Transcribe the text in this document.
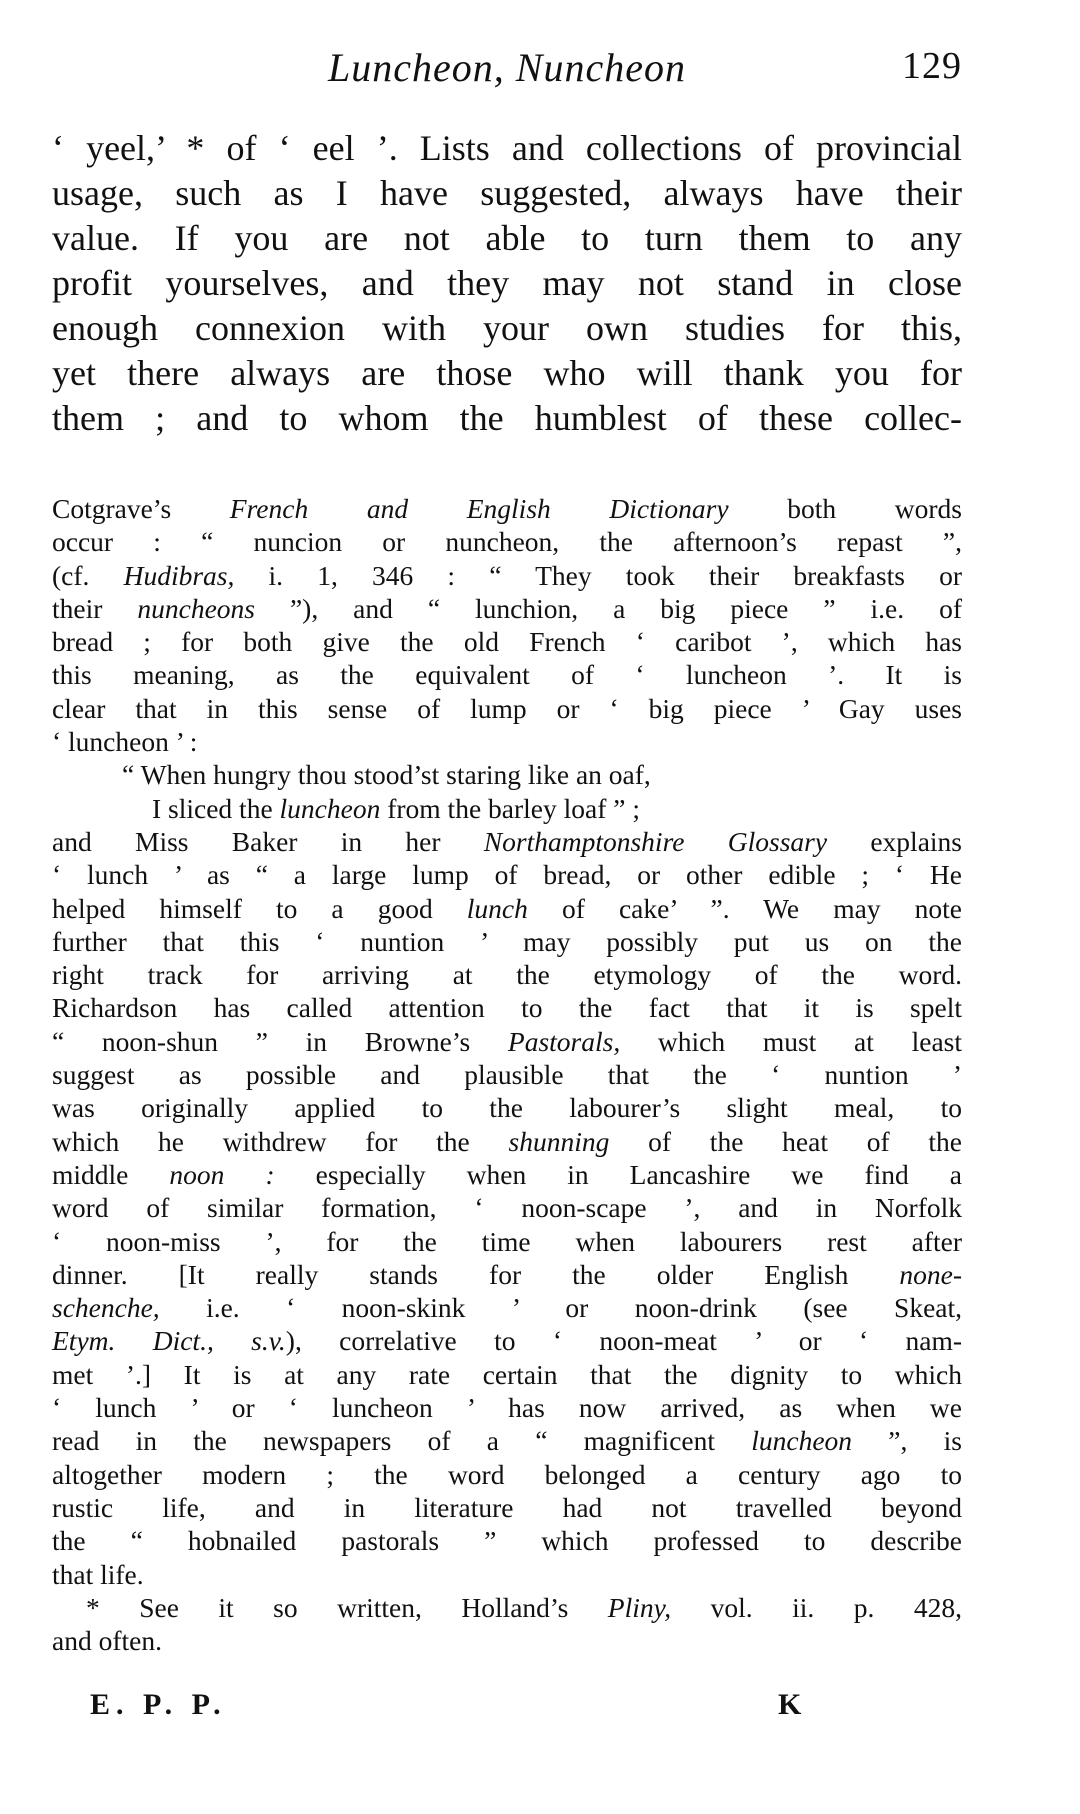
Luncheon, Nuncheon	129
‘ yeel,’ * of ‘ eel ’. Lists and collections of provincial
usage, such as I have suggested, always have their
value. If you are not able to turn them to any
profit yourselves, and they may not stand in close
enough connexion with your own studies for this,
yet there always are those who will thank you for
them ; and to whom the humblest of these collec-
Cotgrave’s French and English Dictionary both words
occur : “ nuncion or nuncheon, the afternoon’s repast ”,
(cf. Hudibras, i. 1, 346 : “ They took their breakfasts or
their nuncheons ”), and “ lunchion, a big piece ” i.e. of
bread ; for both give the old French ‘ caribot ’, which has
this meaning, as the equivalent of ‘ luncheon ’. It is
clear that in this sense of lump or ‘ big piece ’ Gay uses
‘ luncheon ’ :
“ When hungry thou stood’st staring like an oaf,
I sliced the luncheon from the barley loaf ” ;
and Miss Baker in her Northamptonshire Glossary explains
‘ lunch ’ as “ a large lump of bread, or other edible ; ‘ He
helped himself to a good lunch of cake’ ”. We may note
further that this ‘ nuntion ’ may possibly put us on the
right track for arriving at the etymology of the word.
Richardson has called attention to the fact that it is spelt
“ noon-shun ” in Browne’s Pastorals, which must at least
suggest as possible and plausible that the ‘ nuntion ’
was originally applied to the labourer’s slight meal, to
which he withdrew for the shunning of the heat of the
middle noon : especially when in Lancashire we find a
word of similar formation, ‘ noon-scape ’, and in Norfolk
‘ noon-miss ’, for the time when labourers rest after
dinner. [It really stands for the older English none-
schenche, i.e. ‘ noon-skink ’ or noon-drink (see Skeat,
Etym. Dict., s.v.), correlative to ‘ noon-meat ’ or ‘ nam-
met ’.] It is at any rate certain that the dignity to which
‘ lunch ’ or ‘ luncheon ’ has now arrived, as when we
read in the newspapers of a “ magnificent luncheon ”, is
altogether modern ; the word belonged a century ago to
rustic life, and in literature had not travelled beyond
the “ hobnailed pastorals ” which professed to describe
that life.
* See it so written, Holland’s Pliny, vol. ii. p. 428,
and often.
E. P. P.	K
